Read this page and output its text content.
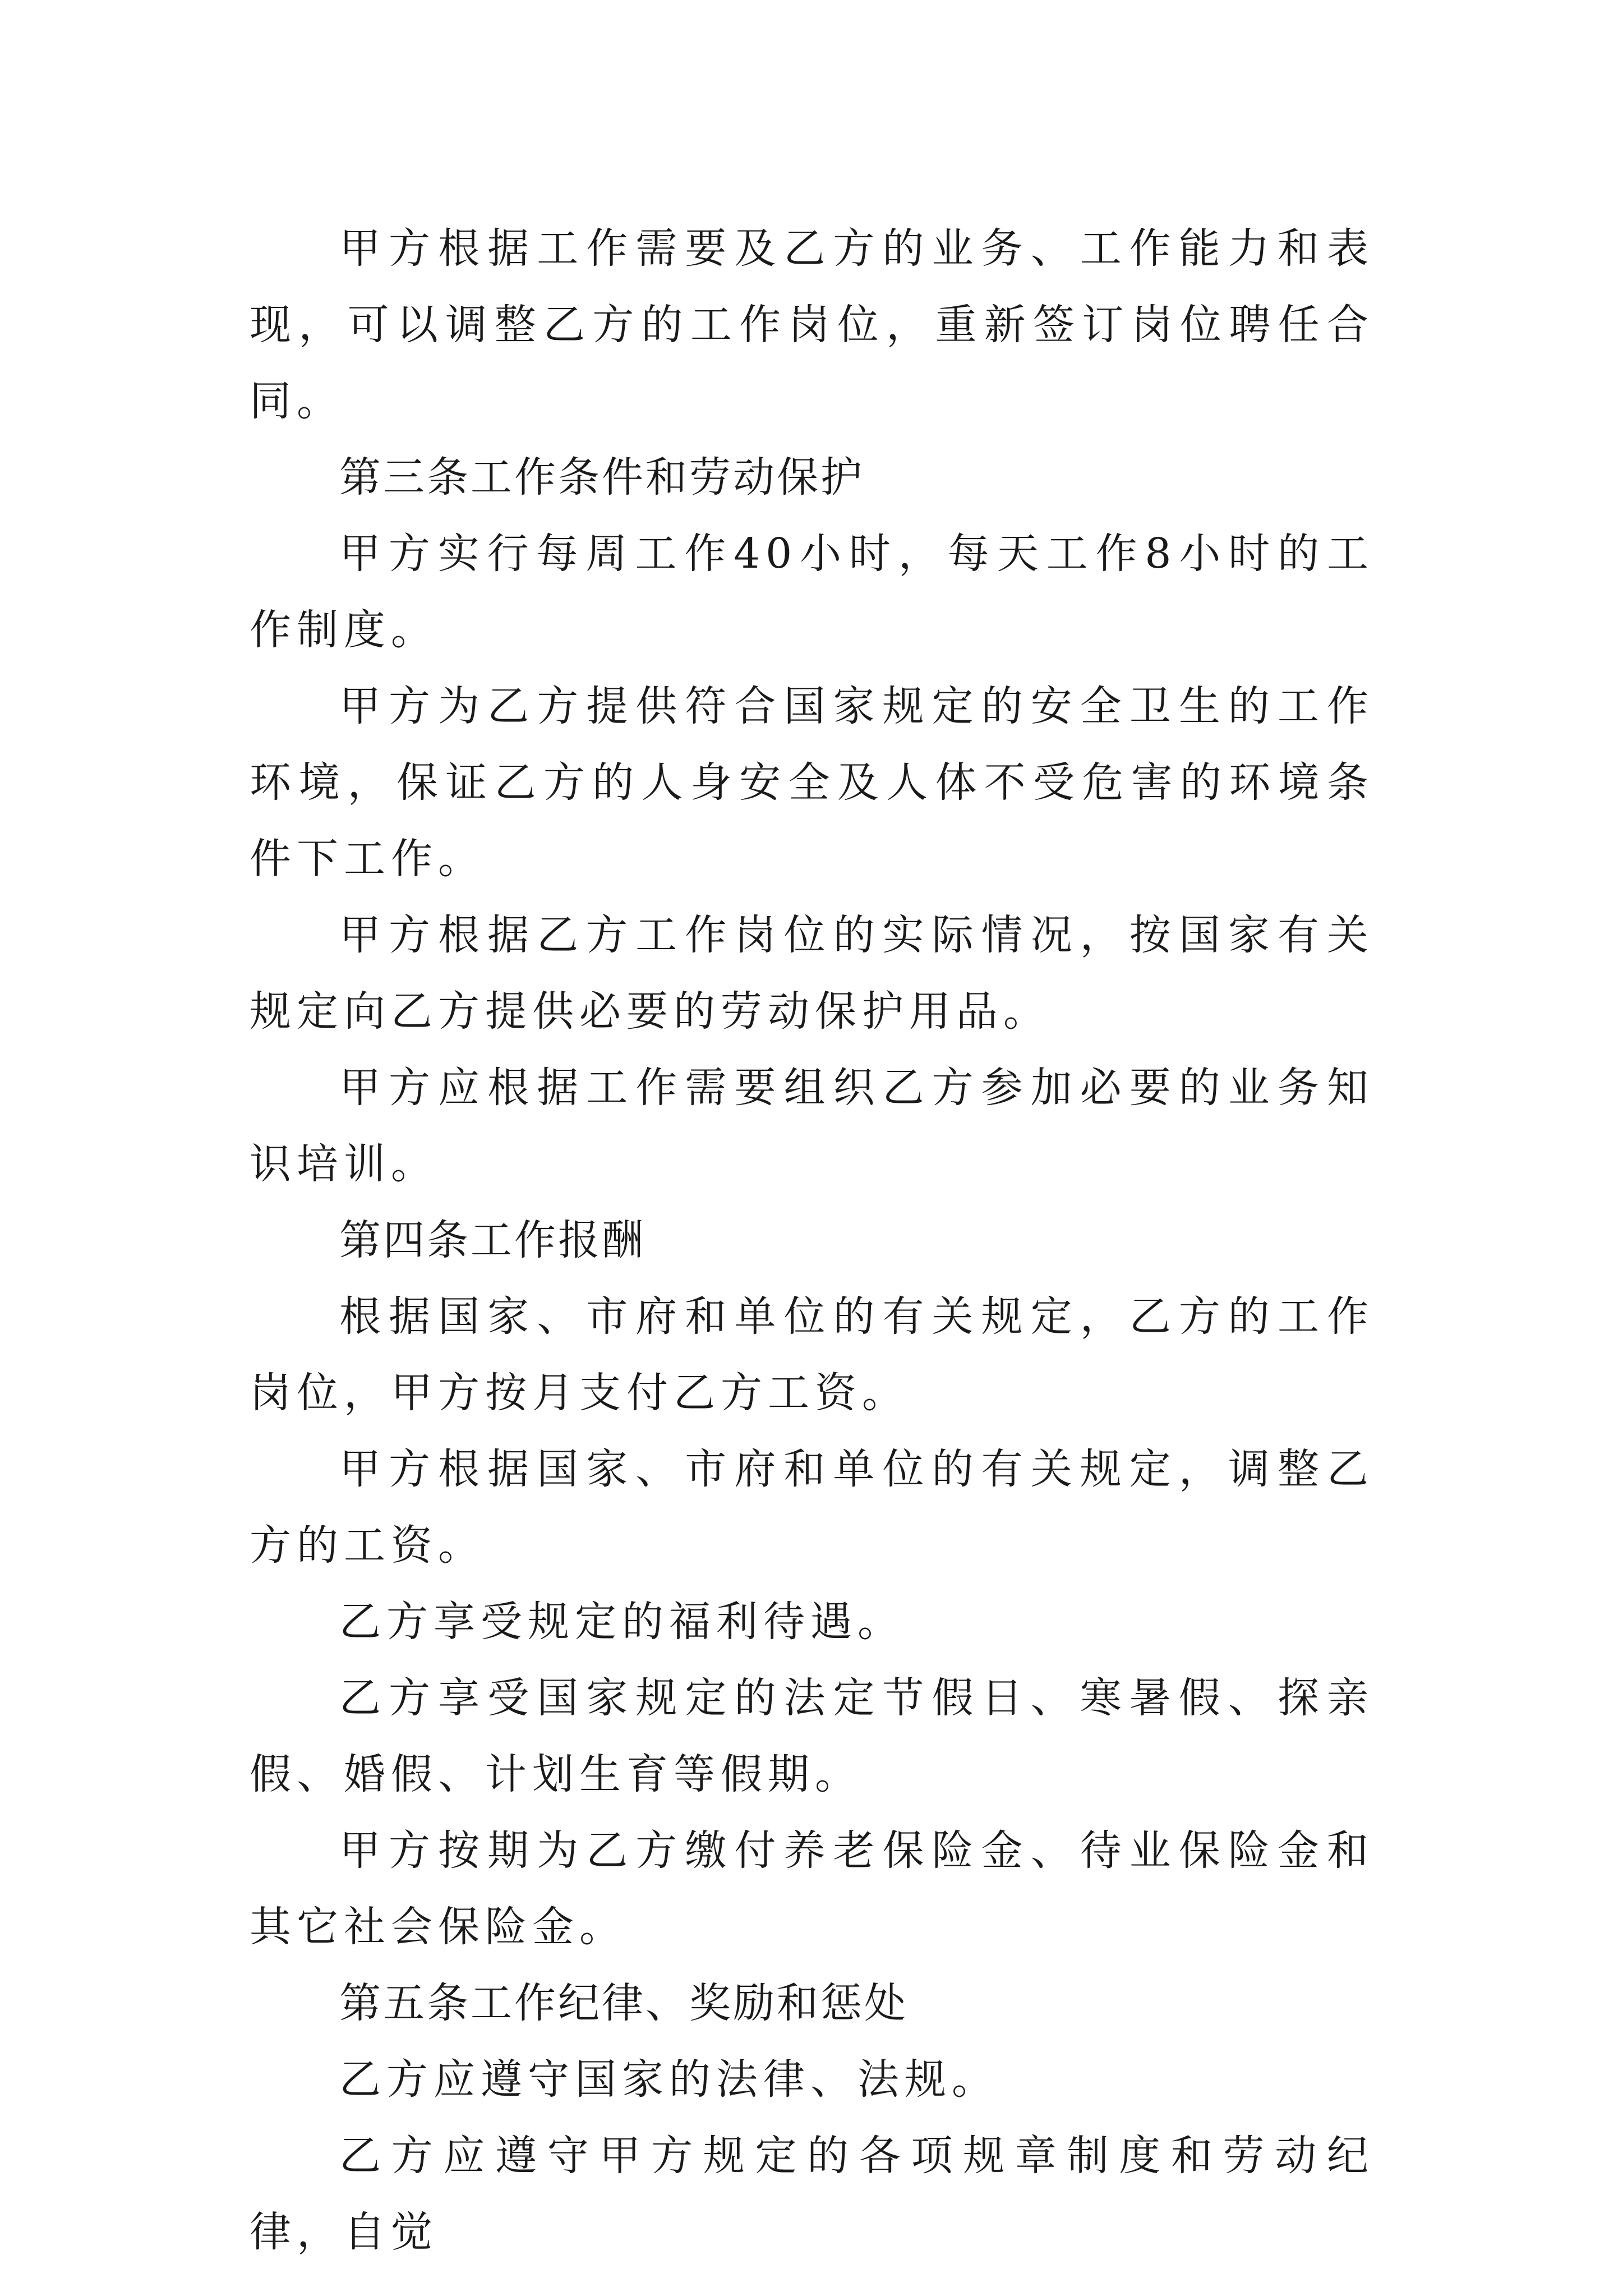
甲方根据工作需要及乙方的业务、工作能力和表现，可以调整乙方的工作岗位，重新签订岗位聘任合同。

第三条工作条件和劳动保护

甲方实行每周工作40小时，每天工作8小时的工作制度。

甲方为乙方提供符合国家规定的安全卫生的工作环境，保证乙方的人身安全及人体不受危害的环境条件下工作。

甲方根据乙方工作岗位的实际情况，按国家有关规定向乙方提供必要的劳动保护用品。

甲方应根据工作需要组织乙方参加必要的业务知识培训。

第四条工作报酬

根据国家、市府和单位的有关规定，乙方的工作岗位，甲方按月支付乙方工资。

甲方根据国家、市府和单位的有关规定，调整乙方的工资。

乙方享受规定的福利待遇。

乙方享受国家规定的法定节假日、寒暑假、探亲假、婚假、计划生育等假期。

甲方按期为乙方缴付养老保险金、待业保险金和其它社会保险金。

第五条工作纪律、奖励和惩处

乙方应遵守国家的法律、法规。

乙方应遵守甲方规定的各项规章制度和劳动纪律，自觉
